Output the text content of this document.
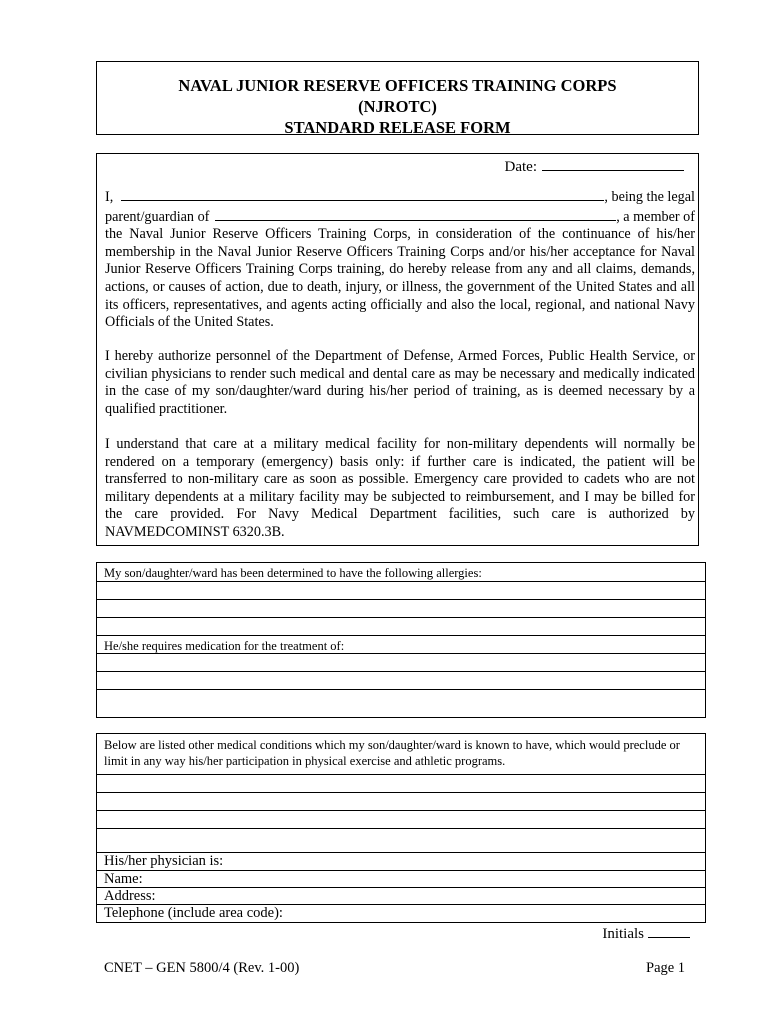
NAVAL JUNIOR RESERVE OFFICERS TRAINING CORPS
(NJROTC)
STANDARD RELEASE FORM
Date:
I,	, being the legal
parent/guardian of	, a member of
the Naval Junior Reserve Officers Training Corps, in consideration of the continuance of his/her membership in the Naval Junior Reserve Officers Training Corps and/or his/her acceptance for Naval Junior Reserve Officers Training Corps training, do hereby release from any and all claims, demands, actions, or causes of action, due to death, injury, or illness, the government of the United States and all its officers, representatives, and agents acting officially and also the local, regional, and national Navy Officials of the United States.
I hereby authorize personnel of the Department of Defense, Armed Forces, Public Health Service, or civilian physicians to render such medical and dental care as may be necessary and medically indicated in the case of my son/daughter/ward during his/her period of training, as is deemed necessary by a qualified practitioner.
I understand that care at a military medical facility for non-military dependents will normally be rendered on a temporary (emergency) basis only: if further care is indicated, the patient will be transferred to non-military care as soon as possible. Emergency care provided to cadets who are not military dependents at a military facility may be subjected to reimbursement, and I may be billed for the care provided. For Navy Medical Department facilities, such care is authorized by NAVMEDCOMINST 6320.3B.
My son/daughter/ward has been determined to have the following allergies:
He/she requires medication for the treatment of:
Below are listed other medical conditions which my son/daughter/ward is known to have, which would preclude or limit in any way his/her participation in physical exercise and athletic programs.
His/her physician is:
Name:
Address:
Telephone (include area code):
Initials
CNET – GEN 5800/4 (Rev. 1-00)	Page 1
